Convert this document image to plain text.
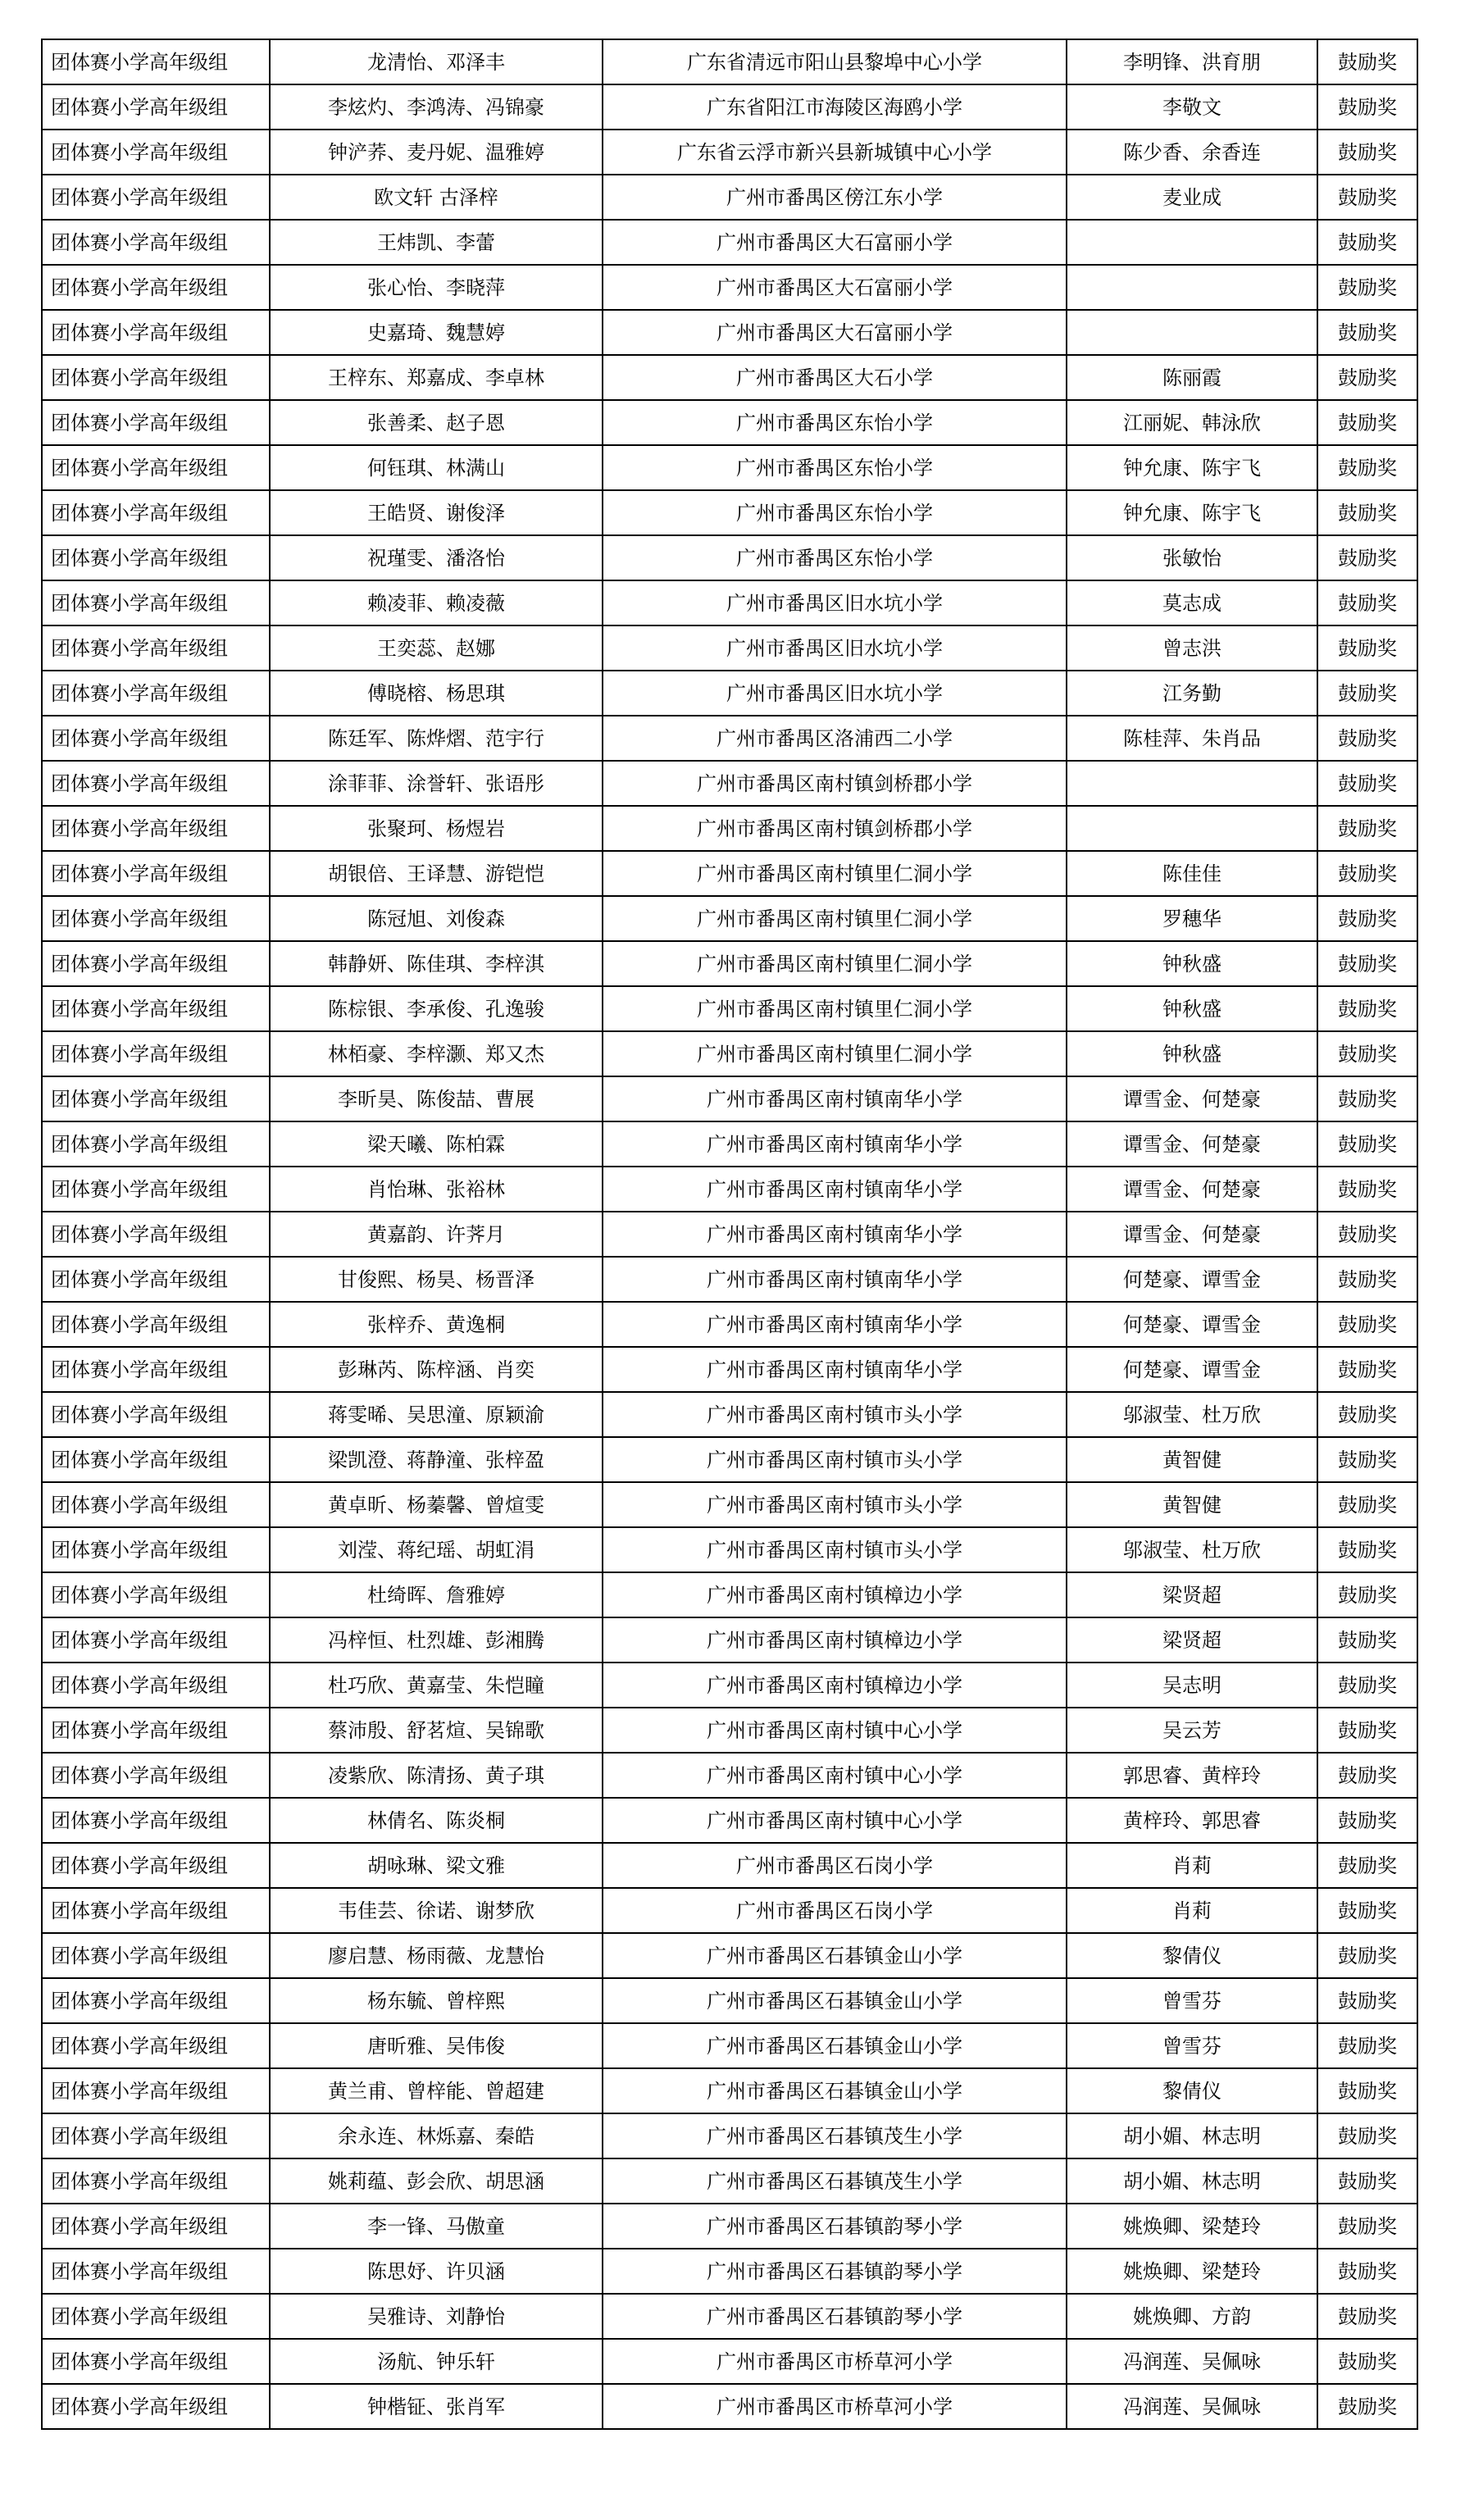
团体赛小学高年级组	龙清怡、邓泽丰	广东省清远市阳山县黎埠中心小学	李明锋、洪育朋	鼓励奖
团体赛小学高年级组	李炫灼、李鸿涛、冯锦豪	广东省阳江市海陵区海鸥小学	李敬文	鼓励奖
团体赛小学高年级组	钟浐荞、麦丹妮、温雅婷	广东省云浮市新兴县新城镇中心小学	陈少香、余香连	鼓励奖
团体赛小学高年级组	欧文轩 古泽梓	广州市番禺区傍江东小学	麦业成	鼓励奖
团体赛小学高年级组	王炜凯、李蕾	广州市番禺区大石富丽小学		鼓励奖
团体赛小学高年级组	张心怡、李晓萍	广州市番禺区大石富丽小学		鼓励奖
团体赛小学高年级组	史嘉琦、魏慧婷	广州市番禺区大石富丽小学		鼓励奖
团体赛小学高年级组	王梓东、郑嘉成、李卓林	广州市番禺区大石小学	陈丽霞	鼓励奖
团体赛小学高年级组	张善柔、赵子恩	广州市番禺区东怡小学	江丽妮、韩泳欣	鼓励奖
团体赛小学高年级组	何钰琪、林满山	广州市番禺区东怡小学	钟允康、陈宇飞	鼓励奖
团体赛小学高年级组	王皓贤、谢俊泽	广州市番禺区东怡小学	钟允康、陈宇飞	鼓励奖
团体赛小学高年级组	祝瑾雯、潘洛怡	广州市番禺区东怡小学	张敏怡	鼓励奖
团体赛小学高年级组	赖凌菲、赖凌薇	广州市番禺区旧水坑小学	莫志成	鼓励奖
团体赛小学高年级组	王奕蕊、赵娜	广州市番禺区旧水坑小学	曾志洪	鼓励奖
团体赛小学高年级组	傅晓榕、杨思琪	广州市番禺区旧水坑小学	江务勤	鼓励奖
团体赛小学高年级组	陈廷军、陈烨熠、范宇行	广州市番禺区洛浦西二小学	陈桂萍、朱肖品	鼓励奖
团体赛小学高年级组	涂菲菲、涂誉轩、张语彤	广州市番禺区南村镇剑桥郡小学		鼓励奖
团体赛小学高年级组	张聚珂、杨煜岩	广州市番禺区南村镇剑桥郡小学		鼓励奖
团体赛小学高年级组	胡银倍、王译慧、游铠恺	广州市番禺区南村镇里仁洞小学	陈佳佳	鼓励奖
团体赛小学高年级组	陈冠旭、刘俊森	广州市番禺区南村镇里仁洞小学	罗穗华	鼓励奖
团体赛小学高年级组	韩静妍、陈佳琪、李梓淇	广州市番禺区南村镇里仁洞小学	钟秋盛	鼓励奖
团体赛小学高年级组	陈棕银、李承俊、孔逸骏	广州市番禺区南村镇里仁洞小学	钟秋盛	鼓励奖
团体赛小学高年级组	林栢豪、李梓灏、郑又杰	广州市番禺区南村镇里仁洞小学	钟秋盛	鼓励奖
团体赛小学高年级组	李昕昊、陈俊喆、曹展	广州市番禺区南村镇南华小学	谭雪金、何楚豪	鼓励奖
团体赛小学高年级组	梁天曦、陈柏霖	广州市番禺区南村镇南华小学	谭雪金、何楚豪	鼓励奖
团体赛小学高年级组	肖怡琳、张裕林	广州市番禺区南村镇南华小学	谭雪金、何楚豪	鼓励奖
团体赛小学高年级组	黄嘉韵、许荠月	广州市番禺区南村镇南华小学	谭雪金、何楚豪	鼓励奖
团体赛小学高年级组	甘俊熙、杨昊、杨晋泽	广州市番禺区南村镇南华小学	何楚豪、谭雪金	鼓励奖
团体赛小学高年级组	张梓乔、黄逸桐	广州市番禺区南村镇南华小学	何楚豪、谭雪金	鼓励奖
团体赛小学高年级组	彭琳芮、陈梓涵、肖奕	广州市番禺区南村镇南华小学	何楚豪、谭雪金	鼓励奖
团体赛小学高年级组	蒋雯晞、吴思潼、原颖渝	广州市番禺区南村镇市头小学	邬淑莹、杜万欣	鼓励奖
团体赛小学高年级组	梁凯澄、蒋静潼、张梓盈	广州市番禺区南村镇市头小学	黄智健	鼓励奖
团体赛小学高年级组	黄卓昕、杨蓁馨、曾煊雯	广州市番禺区南村镇市头小学	黄智健	鼓励奖
团体赛小学高年级组	刘滢、蒋纪瑶、胡虹涓	广州市番禺区南村镇市头小学	邬淑莹、杜万欣	鼓励奖
团体赛小学高年级组	杜绮晖、詹雅婷	广州市番禺区南村镇樟边小学	梁贤超	鼓励奖
团体赛小学高年级组	冯梓恒、杜烈雄、彭湘腾	广州市番禺区南村镇樟边小学	梁贤超	鼓励奖
团体赛小学高年级组	杜巧欣、黄嘉莹、朱恺瞳	广州市番禺区南村镇樟边小学	吴志明	鼓励奖
团体赛小学高年级组	蔡沛殷、舒茗煊、吴锦歌	广州市番禺区南村镇中心小学	吴云芳	鼓励奖
团体赛小学高年级组	凌紫欣、陈清扬、黄子琪	广州市番禺区南村镇中心小学	郭思睿、黄梓玲	鼓励奖
团体赛小学高年级组	林倩名、陈炎桐	广州市番禺区南村镇中心小学	黄梓玲、郭思睿	鼓励奖
团体赛小学高年级组	胡咏琳、梁文雅	广州市番禺区石岗小学	肖莉	鼓励奖
团体赛小学高年级组	韦佳芸、徐诺、谢梦欣	广州市番禺区石岗小学	肖莉	鼓励奖
团体赛小学高年级组	廖启慧、杨雨薇、龙慧怡	广州市番禺区石碁镇金山小学	黎倩仪	鼓励奖
团体赛小学高年级组	杨东毓、曾梓熙	广州市番禺区石碁镇金山小学	曾雪芬	鼓励奖
团体赛小学高年级组	唐昕雅、吴伟俊	广州市番禺区石碁镇金山小学	曾雪芬	鼓励奖
团体赛小学高年级组	黄兰甫、曾梓能、曾超建	广州市番禺区石碁镇金山小学	黎倩仪	鼓励奖
团体赛小学高年级组	余永连、林烁嘉、秦皓	广州市番禺区石碁镇茂生小学	胡小媚、林志明	鼓励奖
团体赛小学高年级组	姚莉蕴、彭会欣、胡思涵	广州市番禺区石碁镇茂生小学	胡小媚、林志明	鼓励奖
团体赛小学高年级组	李一锋、马傲童	广州市番禺区石碁镇韵琴小学	姚焕卿、梁楚玲	鼓励奖
团体赛小学高年级组	陈思妤、许贝涵	广州市番禺区石碁镇韵琴小学	姚焕卿、梁楚玲	鼓励奖
团体赛小学高年级组	吴雅诗、刘静怡	广州市番禺区石碁镇韵琴小学	姚焕卿、方韵	鼓励奖
团体赛小学高年级组	汤航、钟乐轩	广州市番禺区市桥草河小学	冯润莲、吴佩咏	鼓励奖
团体赛小学高年级组	钟楷钲、张肖军	广州市番禺区市桥草河小学	冯润莲、吴佩咏	鼓励奖
